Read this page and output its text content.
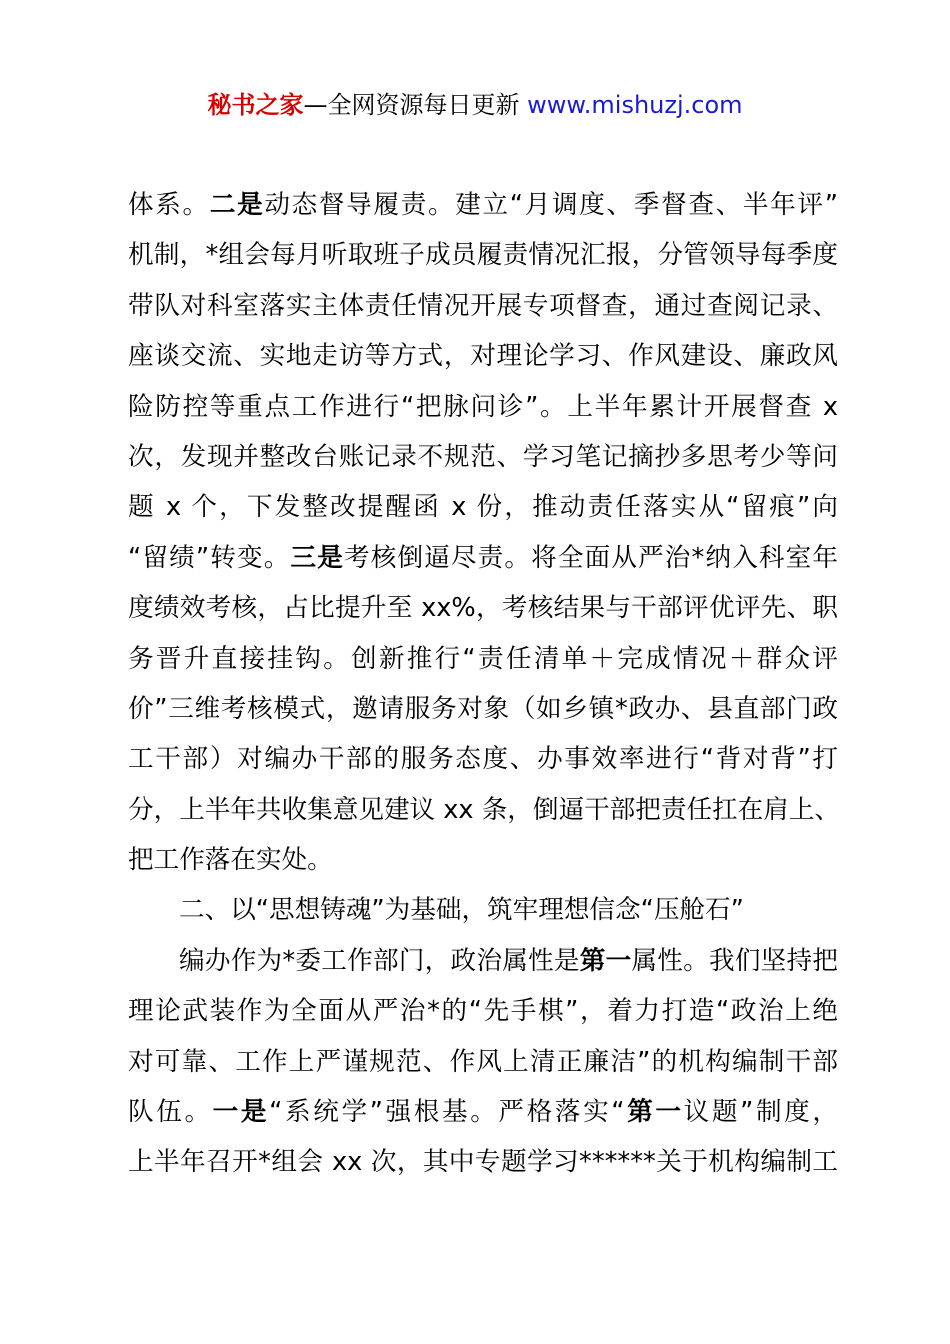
秘书之家—全网资源每日更新 www.mishuzj.com
体系。二是动态督导履责。建立“月调度、季督查、半年评”
机制，*组会每月听取班子成员履责情况汇报，分管领导每季度
带队对科室落实主体责任情况开展专项督查，通过查阅记录、
座谈交流、实地走访等方式，对理论学习、作风建设、廉政风
险防控等重点工作进行“把脉问诊”。上半年累计开展督查 x
次，发现并整改台账记录不规范、学习笔记摘抄多思考少等问
题 x 个，下发整改提醒函 x 份，推动责任落实从“留痕”向
“留绩”转变。三是考核倒逼尽责。将全面从严治*纳入科室年
度绩效考核，占比提升至 xx%，考核结果与干部评优评先、职
务晋升直接挂钩。创新推行“责任清单＋完成情况＋群众评
价”三维考核模式，邀请服务对象（如乡镇*政办、县直部门政
工干部）对编办干部的服务态度、办事效率进行“背对背”打
分，上半年共收集意见建议 xx 条，倒逼干部把责任扛在肩上、
把工作落在实处。
二、以“思想铸魂”为基础，筑牢理想信念“压舱石”
编办作为*委工作部门，政治属性是第一属性。我们坚持把
理论武装作为全面从严治*的“先手棋”，着力打造“政治上绝
对可靠、工作上严谨规范、作风上清正廉洁”的机构编制干部
队伍。一是“系统学”强根基。严格落实“第一议题”制度，
上半年召开*组会 xx 次，其中专题学习******关于机构编制工
